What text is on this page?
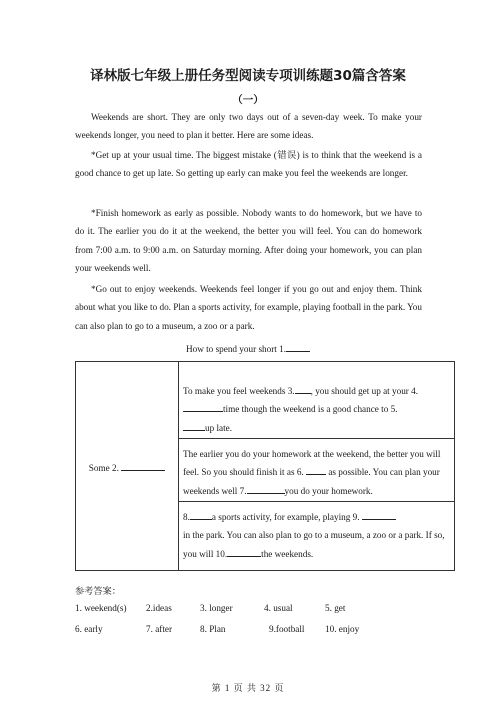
译林版七年级上册任务型阅读专项训练题30篇含答案
（一）

Weekends are short. They are only two days out of a seven-day week. To make your weekends longer, you need to plan it better. Here are some ideas.

*Get up at your usual time. The biggest mistake (错误) is to think that the weekend is a good chance to get up late. So getting up early can make you feel the weekends are longer.

*Finish homework as early as possible. Nobody wants to do homework, but we have to do it. The earlier you do it at the weekend, the better you will feel. You can do homework from 7:00 a.m. to 9:00 a.m. on Saturday morning. After doing your homework, you can plan your weekends well.

*Go out to enjoy weekends. Weekends feel longer if you go out and enjoy them. Think about what you like to do. Plan a sports activity, for example, playing football in the park. You can also plan to go to a museum, a zoo or a park.

How to spend your short 1.
Some 2.	
To make you feel weekends 3. , you should get up at your 4.
time though the weekend is a good chance to 5.
up late.
The earlier you do your homework at the weekend, the better you will feel. So you should finish it as 6.	as possible. You can plan your weekends well 7.	you do your homework.
8. a sports activity, for example, playing 9.
in the park. You can also plan to go to a museum, a zoo or a park. If so, you will 10.	the weekends.
参考答案：
1. weekend(s) 2.ideas	3. longer	4. usual	5. get
6. early	7. after	8. Plan	9.football 10. enjoy
第 1 页 共 32 页
